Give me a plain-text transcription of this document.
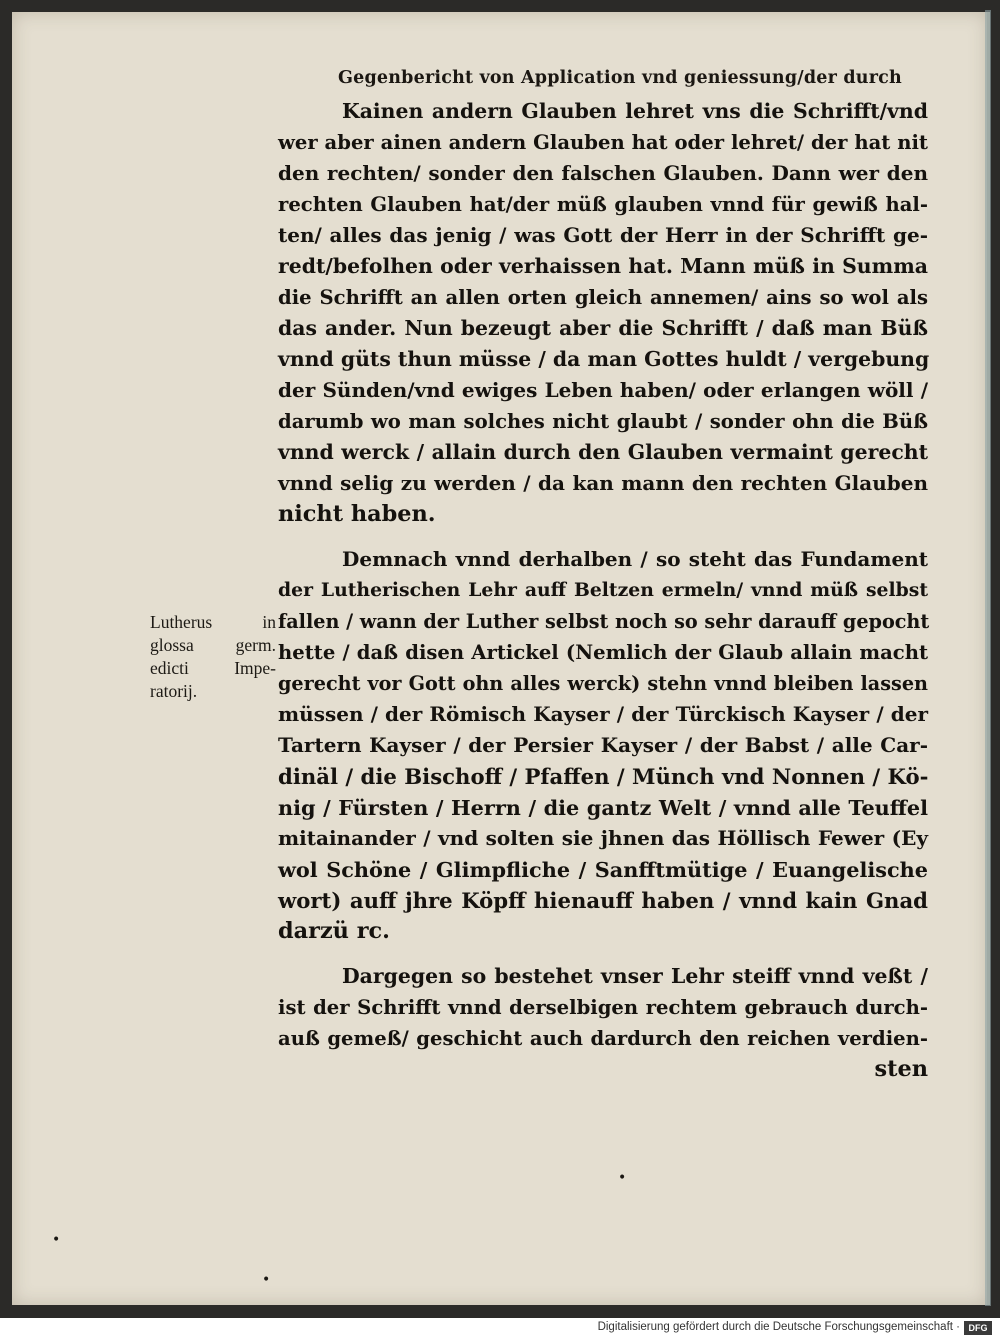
Gegenbericht von Application vnd geniessung/der durch
Lutherus in
glossa germ.
edicti Impe-
ratorij.
Kainen andern Glauben lehret vns die Schrifft/vnd
wer aber ainen andern Glauben hat oder lehret/ der hat nit
den rechten/ sonder den falschen Glauben. Dann wer den
rechten Glauben hat/der müß glauben vnnd für gewiß hal-
ten/ alles das jenig / was Gott der Herr in der Schrifft ge-
redt/befolhen oder verhaissen hat. Mann müß in Summa
die Schrifft an allen orten gleich annemen/ ains so wol als
das ander. Nun bezeugt aber die Schrifft / daß man Büß
vnnd güts thun müsse / da man Gottes huldt / vergebung
der Sünden/vnd ewiges Leben haben/ oder erlangen wöll /
darumb wo man solches nicht glaubt / sonder ohn die Büß
vnnd werck / allain durch den Glauben vermaint gerecht
vnnd selig zu werden / da kan mann den rechten Glauben
nicht haben.
Demnach vnnd derhalben / so steht das Fundament
der Lutherischen Lehr auff Beltzen ermeln/ vnnd müß selbst
fallen / wann der Luther selbst noch so sehr darauff gepocht
hette / daß disen Artickel (Nemlich der Glaub allain macht
gerecht vor Gott ohn alles werck) stehn vnnd bleiben lassen
müssen / der Römisch Kayser / der Türckisch Kayser / der
Tartern Kayser / der Persier Kayser / der Babst / alle Car-
dinäl / die Bischoff / Pfaffen / Münch vnd Nonnen / Kö-
nig / Fürsten / Herrn / die gantz Welt / vnnd alle Teuffel
mitainander / vnd solten sie jhnen das Höllisch Fewer (Ey
wol Schöne / Glimpfliche / Sanfftmütige / Euangelische
wort) auff jhre Köpff hienauff haben / vnnd kain Gnad
darzü rc.
Dargegen so bestehet vnser Lehr steiff vnnd veßt /
ist der Schrifft vnnd derselbigen rechtem gebrauch durch-
auß gemeß/ geschicht auch dardurch den reichen verdien-
sten
•
•
•
Digitalisierung gefördert durch die Deutsche Forschungsgemeinschaft · DFG
